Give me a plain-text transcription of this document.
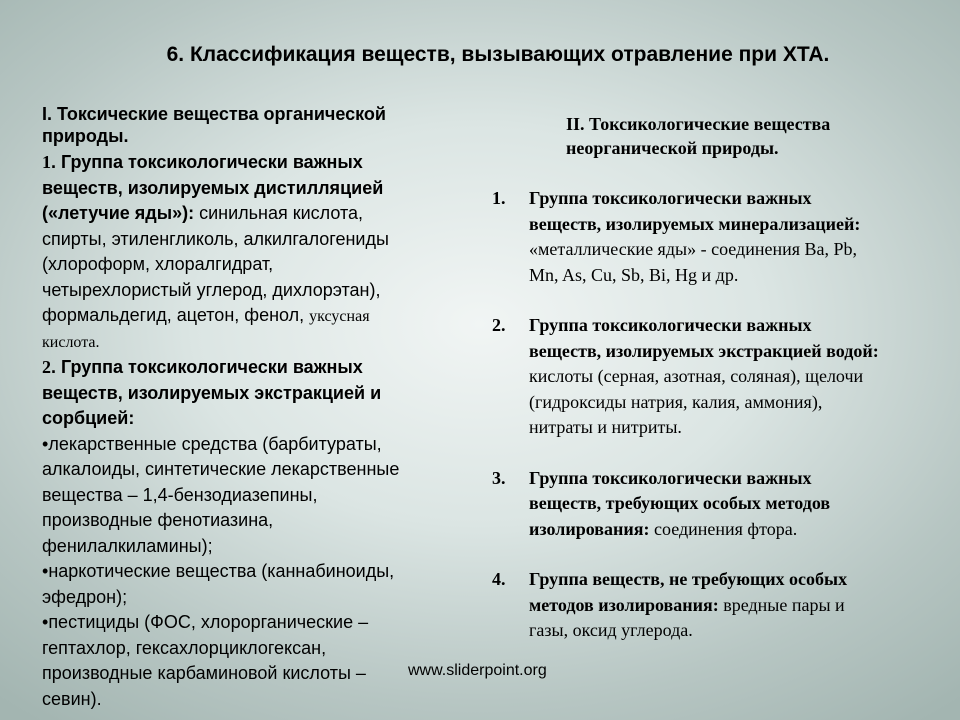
6. Классификация веществ, вызывающих отравление при ХТА.
I. Токсические вещества органической
природы.
1. Группа токсикологически важных
веществ, изолируемых дистилляцией
(«летучие яды»): синильная кислота,
спирты, этиленгликоль, алкилгалогениды
(хлороформ, хлоралгидрат,
четырехлористый углерод, дихлорэтан),
формальдегид, ацетон, фенол, уксусная
кислота.
2. Группа токсикологически важных
веществ, изолируемых экстракцией и
сорбцией:
•лекарственные средства (барбитураты,
алкалоиды, синтетические лекарственные
вещества – 1,4-бензодиазепины,
производные фенотиазина,
фенилалкиламины);
•наркотические вещества (каннабиноиды,
эфедрон);
•пестициды (ФОС, хлорорганические –
гептахлор, гексахлорциклогексан,
производные карбаминовой кислоты –
севин).
II. Токсикологические вещества
неорганической природы.
1. Группа токсикологически важных
веществ, изолируемых минерализацией:
«металлические яды» - соединения Ba, Pb,
Mn, As, Cu, Sb, Bi, Hg и др.
2. Группа токсикологически важных
веществ, изолируемых экстракцией водой:
кислоты (серная, азотная, соляная), щелочи
(гидроксиды натрия, калия, аммония),
нитраты и нитриты.
3. Группа токсикологически важных
веществ, требующих особых методов
изолирования: соединения фтора.
4. Группа веществ, не требующих особых
методов изолирования: вредные пары и
газы, оксид углерода.
www.sliderpoint.org
